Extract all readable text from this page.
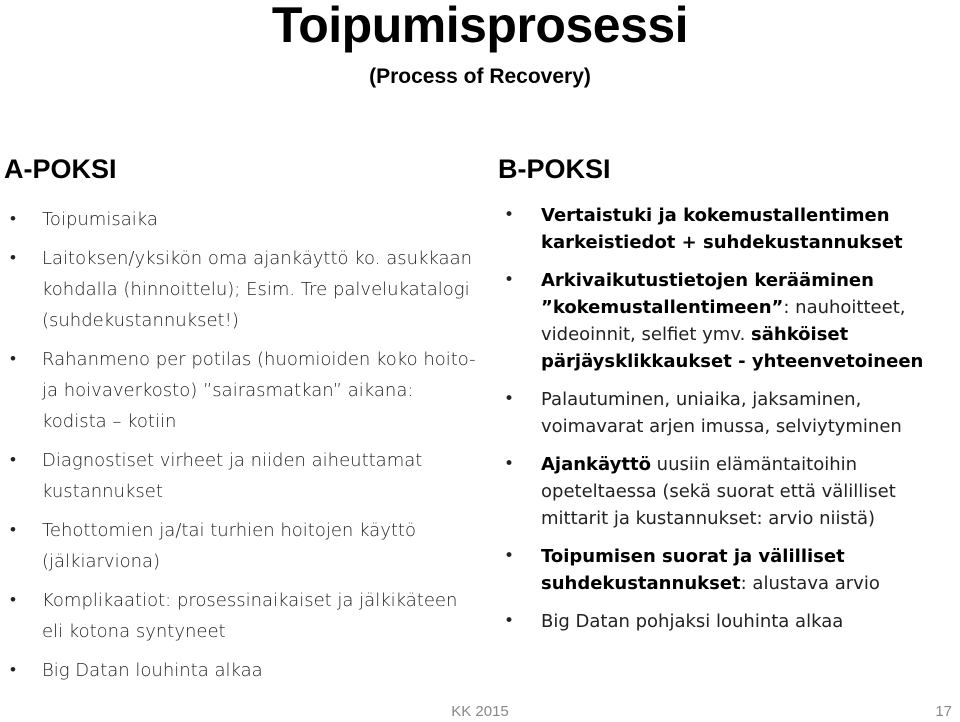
Toipumisprosessi
(Process of Recovery)
A-POKSI
• Toipumisaika
• Laitoksen/yksikön oma ajankäyttö ko. asukkaan kohdalla (hinnoittelu); Esim. Tre palvelukatalogi (suhdekustannukset!)
• Rahanmeno per potilas (huomioiden koko hoito- ja hoivaverkosto) ”sairasmatkan” aikana: kodista – kotiin
• Diagnostiset virheet ja niiden aiheuttamat kustannukset
• Tehottomien ja/tai turhien hoitojen käyttö (jälkiarviona)
• Komplikaatiot: prosessinaikaiset ja jälkikäteen eli kotona syntyneet
• Big Datan louhinta alkaa
B-POKSI
• Vertaistuki ja kokemustallentimen karkeistiedot + suhdekustannukset
• Arkivaikutustietojen kerääminen ”kokemustallentimeen”: nauhoitteet, videoinnit, selfiet ymv. sähköiset pärjäysklikkaukset - yhteenvetoineen
• Palautuminen, uniaika, jaksaminen, voimavarat arjen imussa, selviytyminen
• Ajankäyttö uusiin elämäntaitoihin opeteltaessa (sekä suorat että välilliset mittarit ja kustannukset: arvio niistä)
• Toipumisen suorat ja välilliset suhdekustannukset: alustava arvio
• Big Datan pohjaksi louhinta alkaa

KK 2015	17
